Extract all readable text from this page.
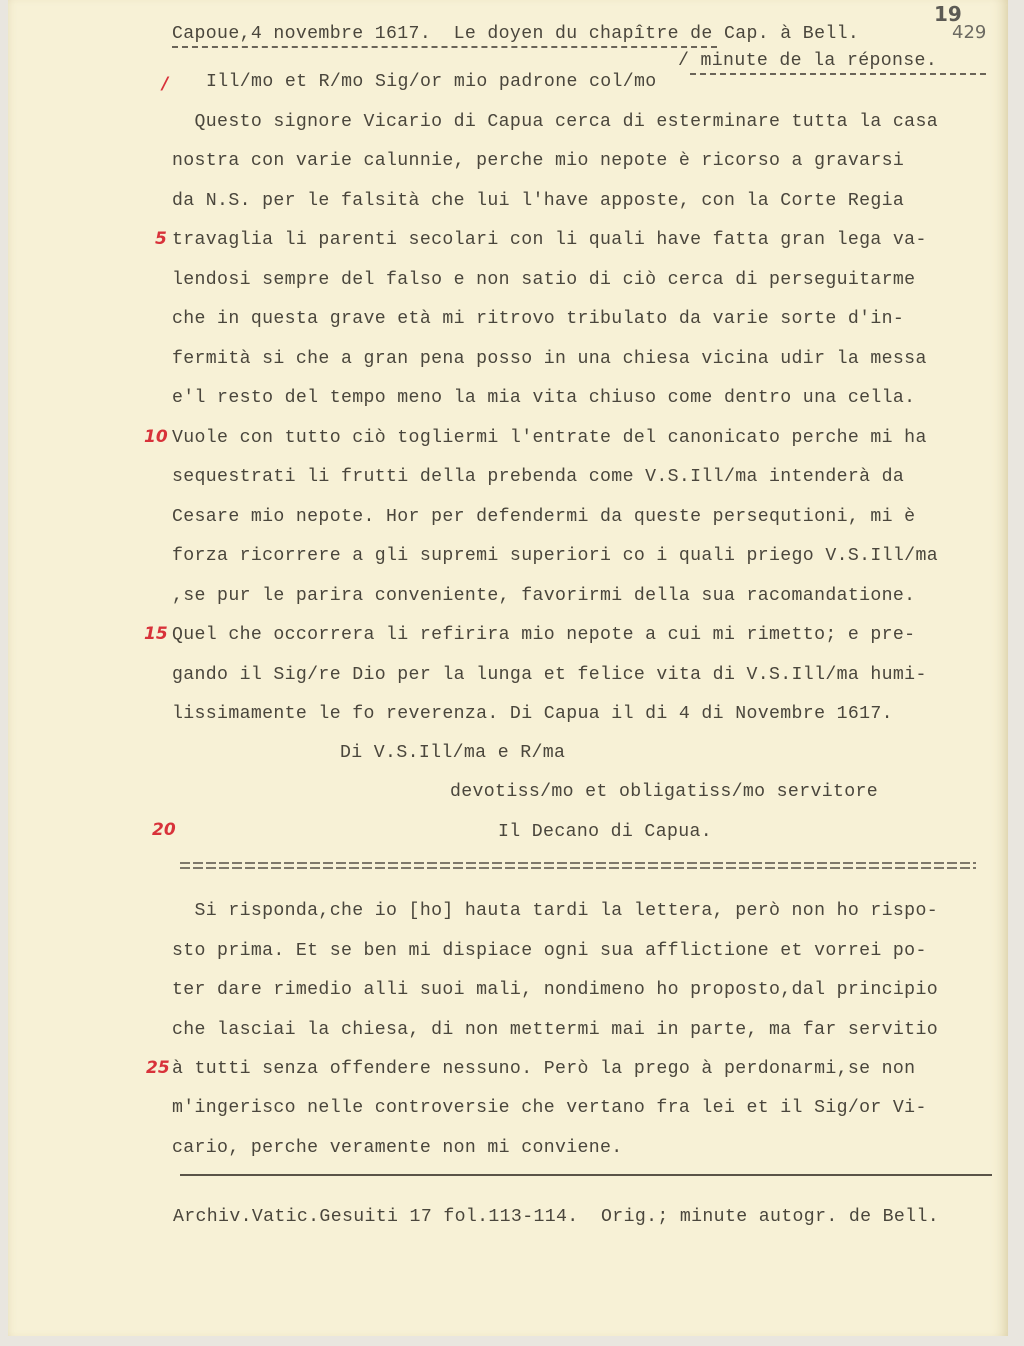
19
429
Capoue,4 novembre 1617.  Le doyen du chapître de Cap. à Bell.
/ minute de la réponse.
/ Ill/mo et R/mo Sig/or mio padrone col/mo
Questo signore Vicario di Capua cerca di esterminare tutta la casa
nostra con varie calunnie, perche mio nepote è ricorso a gravarsi
da N.S. per le falsità che lui l'have apposte, con la Corte Regia
5 travaglia li parenti secolari con li quali have fatta gran lega va-
lendosi sempre del falso e non satio di ciò cerca di perseguitarme
che in questa grave età mi ritrovo tribulato da varie sorte d'in-
fermità si che a gran pena posso in una chiesa vicina udir la messa
e'l resto del tempo meno la mia vita chiuso come dentro una cella.
10 Vuole con tutto ciò togliermi l'entrate del canonicato perche mi ha
sequestrati li frutti della prebenda come V.S.Ill/ma intenderà da
Cesare mio nepote. Hor per defendermi da queste persequtioni, mi è
forza ricorrere a gli supremi superiori co i quali priego V.S.Ill/ma
,se pur le parira conveniente, favorirmi della sua racomandatione.
15 Quel che occorrera li refirira mio nepote a cui mi rimetto; e pre-
gando il Sig/re Dio per la lunga et felice vita di V.S.Ill/ma humi-
lissimamente le fo reverenza. Di Capua il di 4 di Novembre 1617.
Di V.S.Ill/ma e R/ma
devotiss/mo et obligatiss/mo servitore
20	Il Decano di Capua.
Si risponda,che io [ho] hauta tardi la lettera, però non ho rispo-
sto prima. Et se ben mi dispiace ogni sua afflictione et vorrei po-
ter dare rimedio alli suoi mali, nondimeno ho proposto,dal principio
che lasciai la chiesa, di non mettermi mai in parte, ma far servitio
25 à tutti senza offendere nessuno. Però la prego à perdonarmi,se non
m'ingerisco nelle controversie che vertano fra lei et il Sig/or Vi-
cario, perche veramente non mi conviene.
Archiv.Vatic.Gesuiti 17 fol.113-114.  Orig.; minute autogr. de Bell.
